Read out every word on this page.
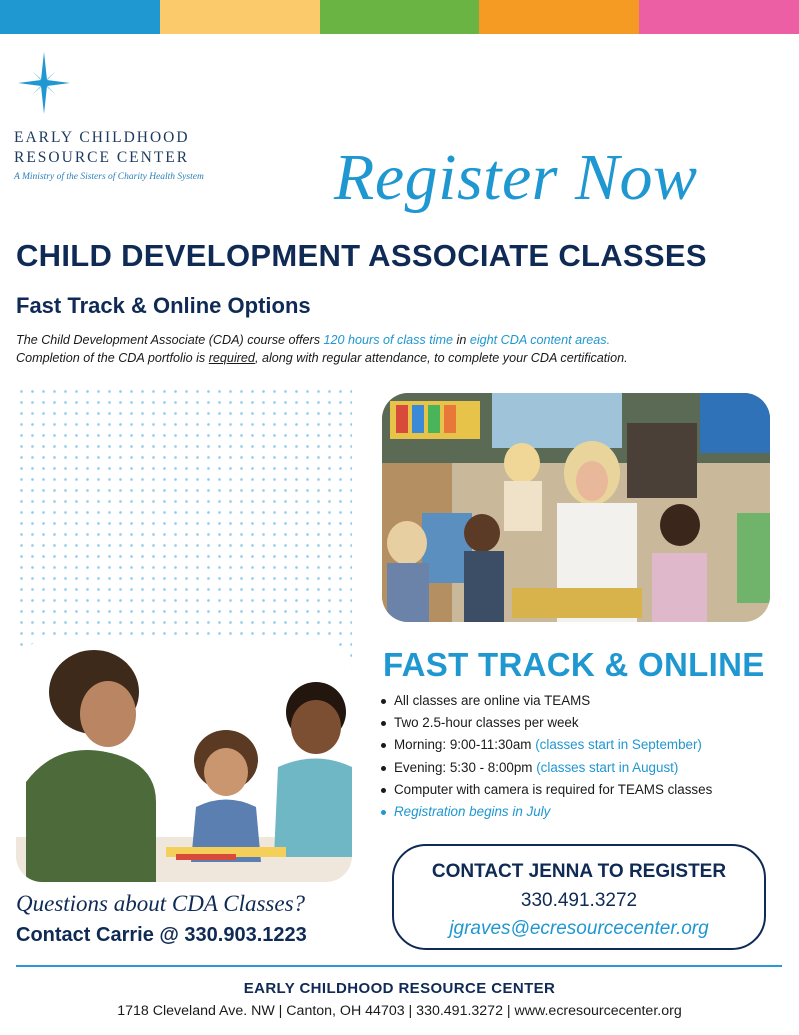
EARLY CHILDHOOD
RESOURCE CENTER
A Ministry of the Sisters of Charity Health System	Register Now
CHILD DEVELOPMENT ASSOCIATE CLASSES
Fast Track & Online Options
The Child Development Associate (CDA) course offers 120 hours of class time in eight CDA content areas.
Completion of the CDA portfolio is required, along with regular attendance, to complete your CDA certification.
FAST TRACK & ONLINE
All classes are online via TEAMS
Two 2.5-hour classes per week
Morning: 9:00-11:30am (classes start in September)
Evening: 5:30 - 8:00pm (classes start in August)
Computer with camera is required for TEAMS classes
Registration begins in July
CONTACT JENNA TO REGISTER
330.491.3272
jgraves@ecresourcecenter.org
Questions about CDA Classes?
Contact Carrie @ 330.903.1223
EARLY CHILDHOOD RESOURCE CENTER
1718 Cleveland Ave. NW | Canton, OH 44703 | 330.491.3272 | www.ecresourcecenter.org
